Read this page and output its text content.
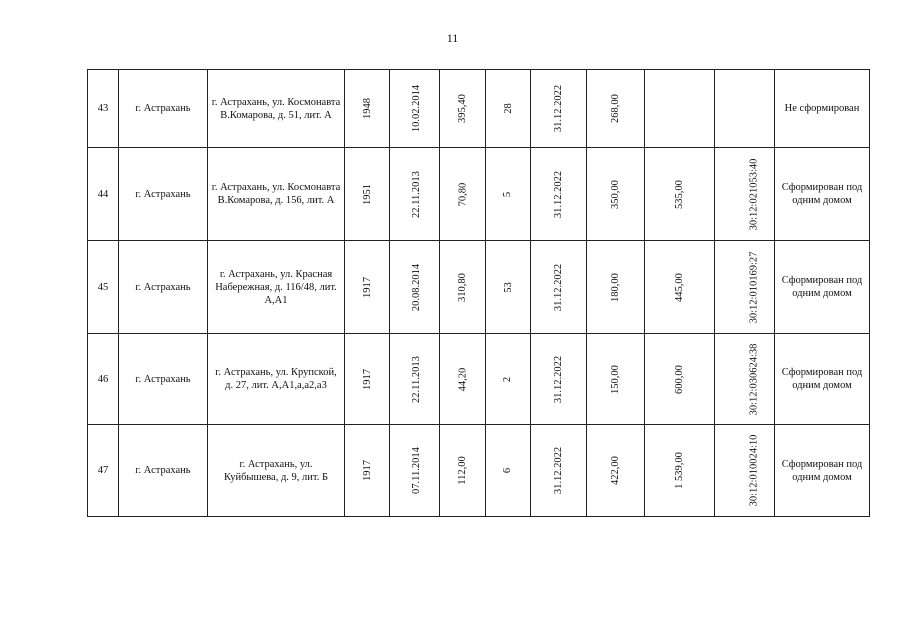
11
43	г. Астрахань	г. Астрахань, ул. Космонавта В.Комарова, д. 51, лит. А	1948	10.02.2014	395,40	28	31.12.2022	268,00			Не сформирован
44	г. Астрахань	г. Астрахань, ул. Космонавта В.Комарова, д. 156, лит. А	1951	22.11.2013	70,80	5	31.12.2022	350,00	535,00	30:12:021053:40	Сформирован под одним домом
45	г. Астрахань	г. Астрахань, ул. Красная Набережная, д. 116/48, лит. А,А1	1917	20.08.2014	310,80	53	31.12.2022	180,00	445,00	30:12:010169:27	Сформирован под одним домом
46	г. Астрахань	г. Астрахань, ул. Крупской, д. 27, лит. А,А1,а,а2,а3	1917	22.11.2013	44,20	2	31.12.2022	150,00	600,00	30:12:030624:38	Сформирован под одним домом
47	г. Астрахань	г. Астрахань, ул. Куйбышева, д. 9, лит. Б	1917	07.11.2014	112,00	6	31.12.2022	422,00	1 539,00	30:12:010024:10	Сформирован под одним домом
